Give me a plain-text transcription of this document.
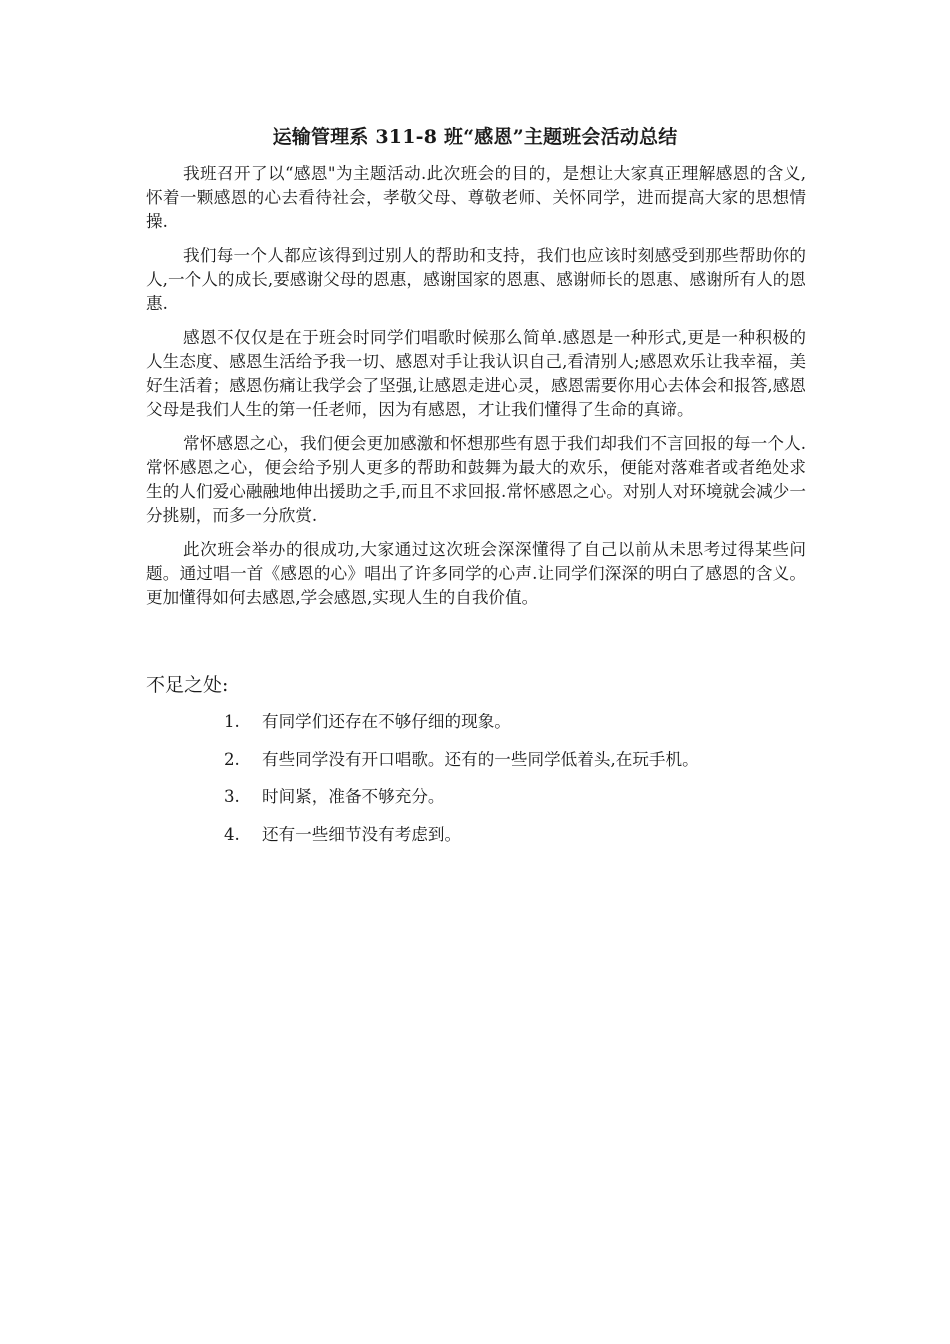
运输管理系 311-8 班“感恩”主题班会活动总结

我班召开了以“感恩"为主题活动.此次班会的目的，是想让大家真正理解感恩的含义,怀着一颗感恩的心去看待社会，孝敬父母、尊敬老师、关怀同学，进而提高大家的思想情操.

我们每一个人都应该得到过别人的帮助和支持，我们也应该时刻感受到那些帮助你的人,一个人的成长,要感谢父母的恩惠，感谢国家的恩惠、感谢师长的恩惠、感谢所有人的恩惠.

感恩不仅仅是在于班会时同学们唱歌时候那么简单.感恩是一种形式,更是一种积极的人生态度、感恩生活给予我一切、感恩对手让我认识自己,看清别人;感恩欢乐让我幸福，美好生活着；感恩伤痛让我学会了坚强,让感恩走进心灵，感恩需要你用心去体会和报答,感恩父母是我们人生的第一任老师，因为有感恩，才让我们懂得了生命的真谛。

常怀感恩之心，我们便会更加感激和怀想那些有恩于我们却我们不言回报的每一个人.常怀感恩之心，便会给予别人更多的帮助和鼓舞为最大的欢乐，便能对落难者或者绝处求生的人们爱心融融地伸出援助之手,而且不求回报.常怀感恩之心。对别人对环境就会减少一分挑剔，而多一分欣赏.

此次班会举办的很成功,大家通过这次班会深深懂得了自己以前从未思考过得某些问题。通过唱一首《感恩的心》唱出了许多同学的心声.让同学们深深的明白了感恩的含义。更加懂得如何去感恩,学会感恩,实现人生的自我价值。

不足之处:
1.	有同学们还存在不够仔细的现象。
2.	有些同学没有开口唱歌。还有的一些同学低着头,在玩手机。
3.	时间紧，准备不够充分。
4.	还有一些细节没有考虑到。
